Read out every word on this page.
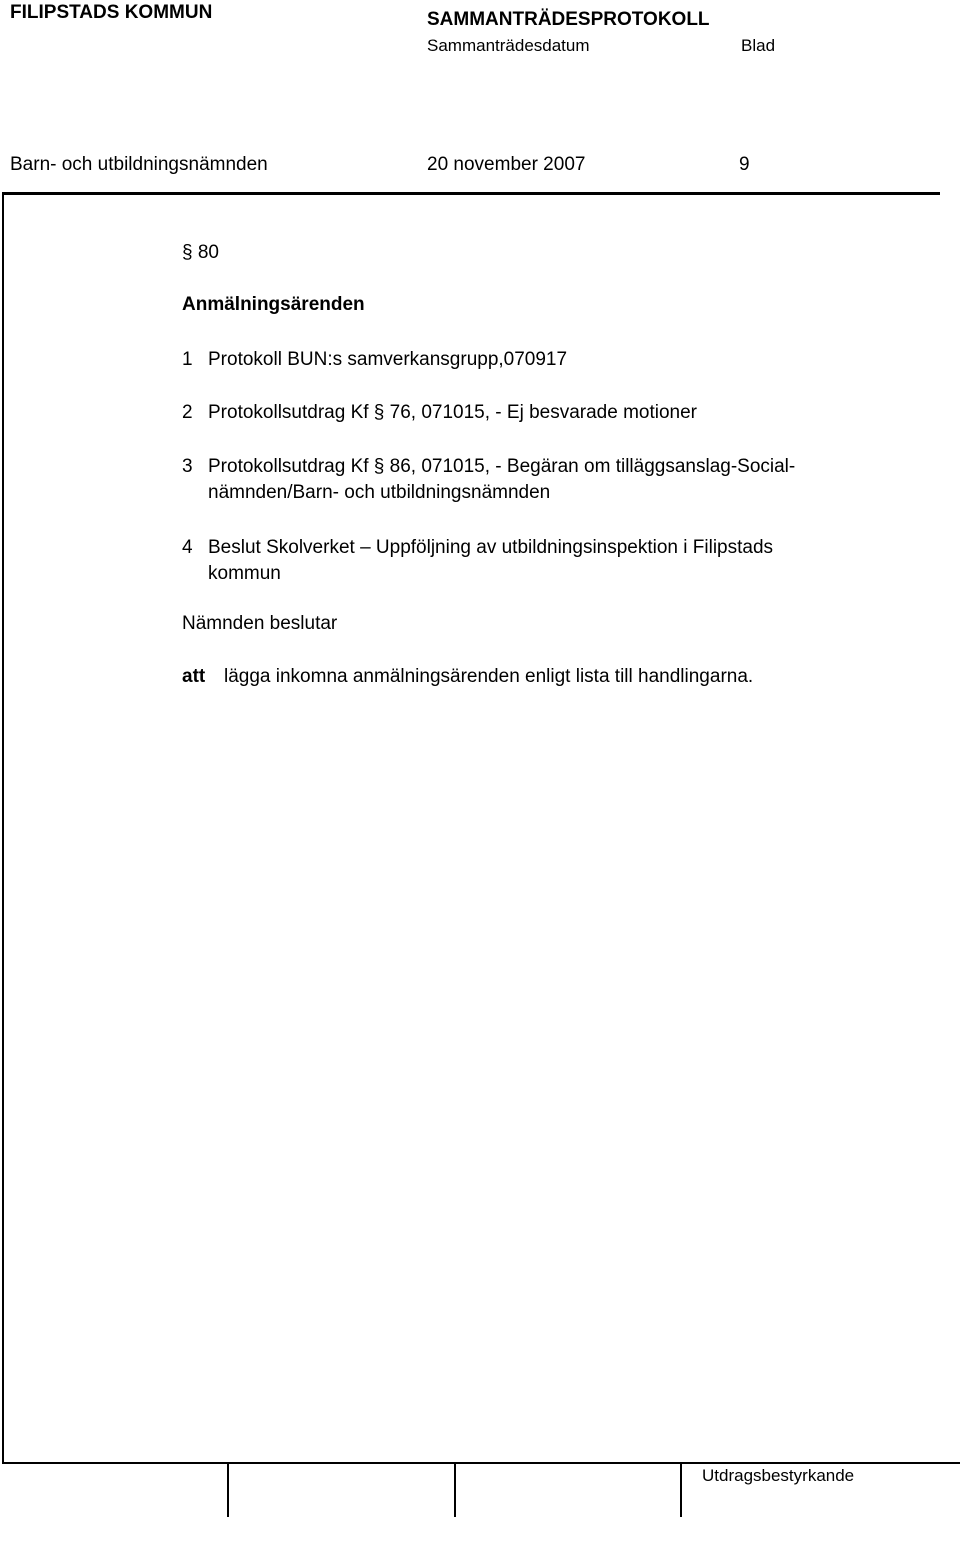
FILIPSTADS KOMMUN	SAMMANTRÄDESPROTOKOLL
Sammanträdesdatum	Blad
Barn- och utbildningsnämnden	20 november 2007	9
§ 80
Anmälningsärenden
1 Protokoll BUN:s samverkansgrupp,070917
2 Protokollsutdrag Kf § 76, 071015, - Ej besvarade motioner
3 Protokollsutdrag Kf § 86, 071015, - Begäran om tilläggsanslag-Social-
nämnden/Barn- och utbildningsnämnden
4 Beslut Skolverket – Uppföljning av utbildningsinspektion i Filipstads
kommun
Nämnden beslutar
att lägga inkomna anmälningsärenden enligt lista till handlingarna.
Utdragsbestyrkande
